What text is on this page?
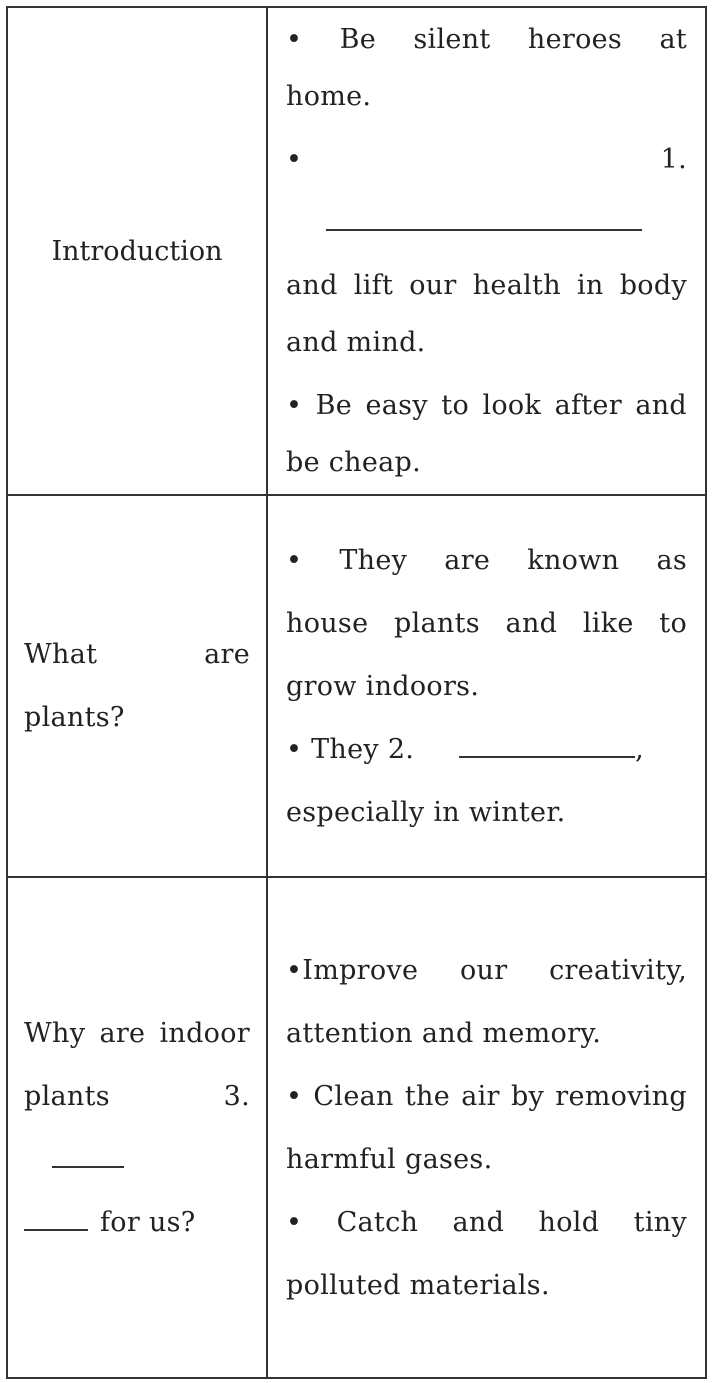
Introduction
• Be silent heroes at
home.
• 1.
and lift our health in body
and mind.
• Be easy to look after and
be cheap.
What are
plants?
• They are known as
house plants and like to
grow indoors.
• They 2.	,
especially in winter.
Why are indoor
plants 3.
for us?
•Improve our creativity,
attention and memory.
• Clean the air by removing
harmful gases.
• Catch and hold tiny
polluted materials.
